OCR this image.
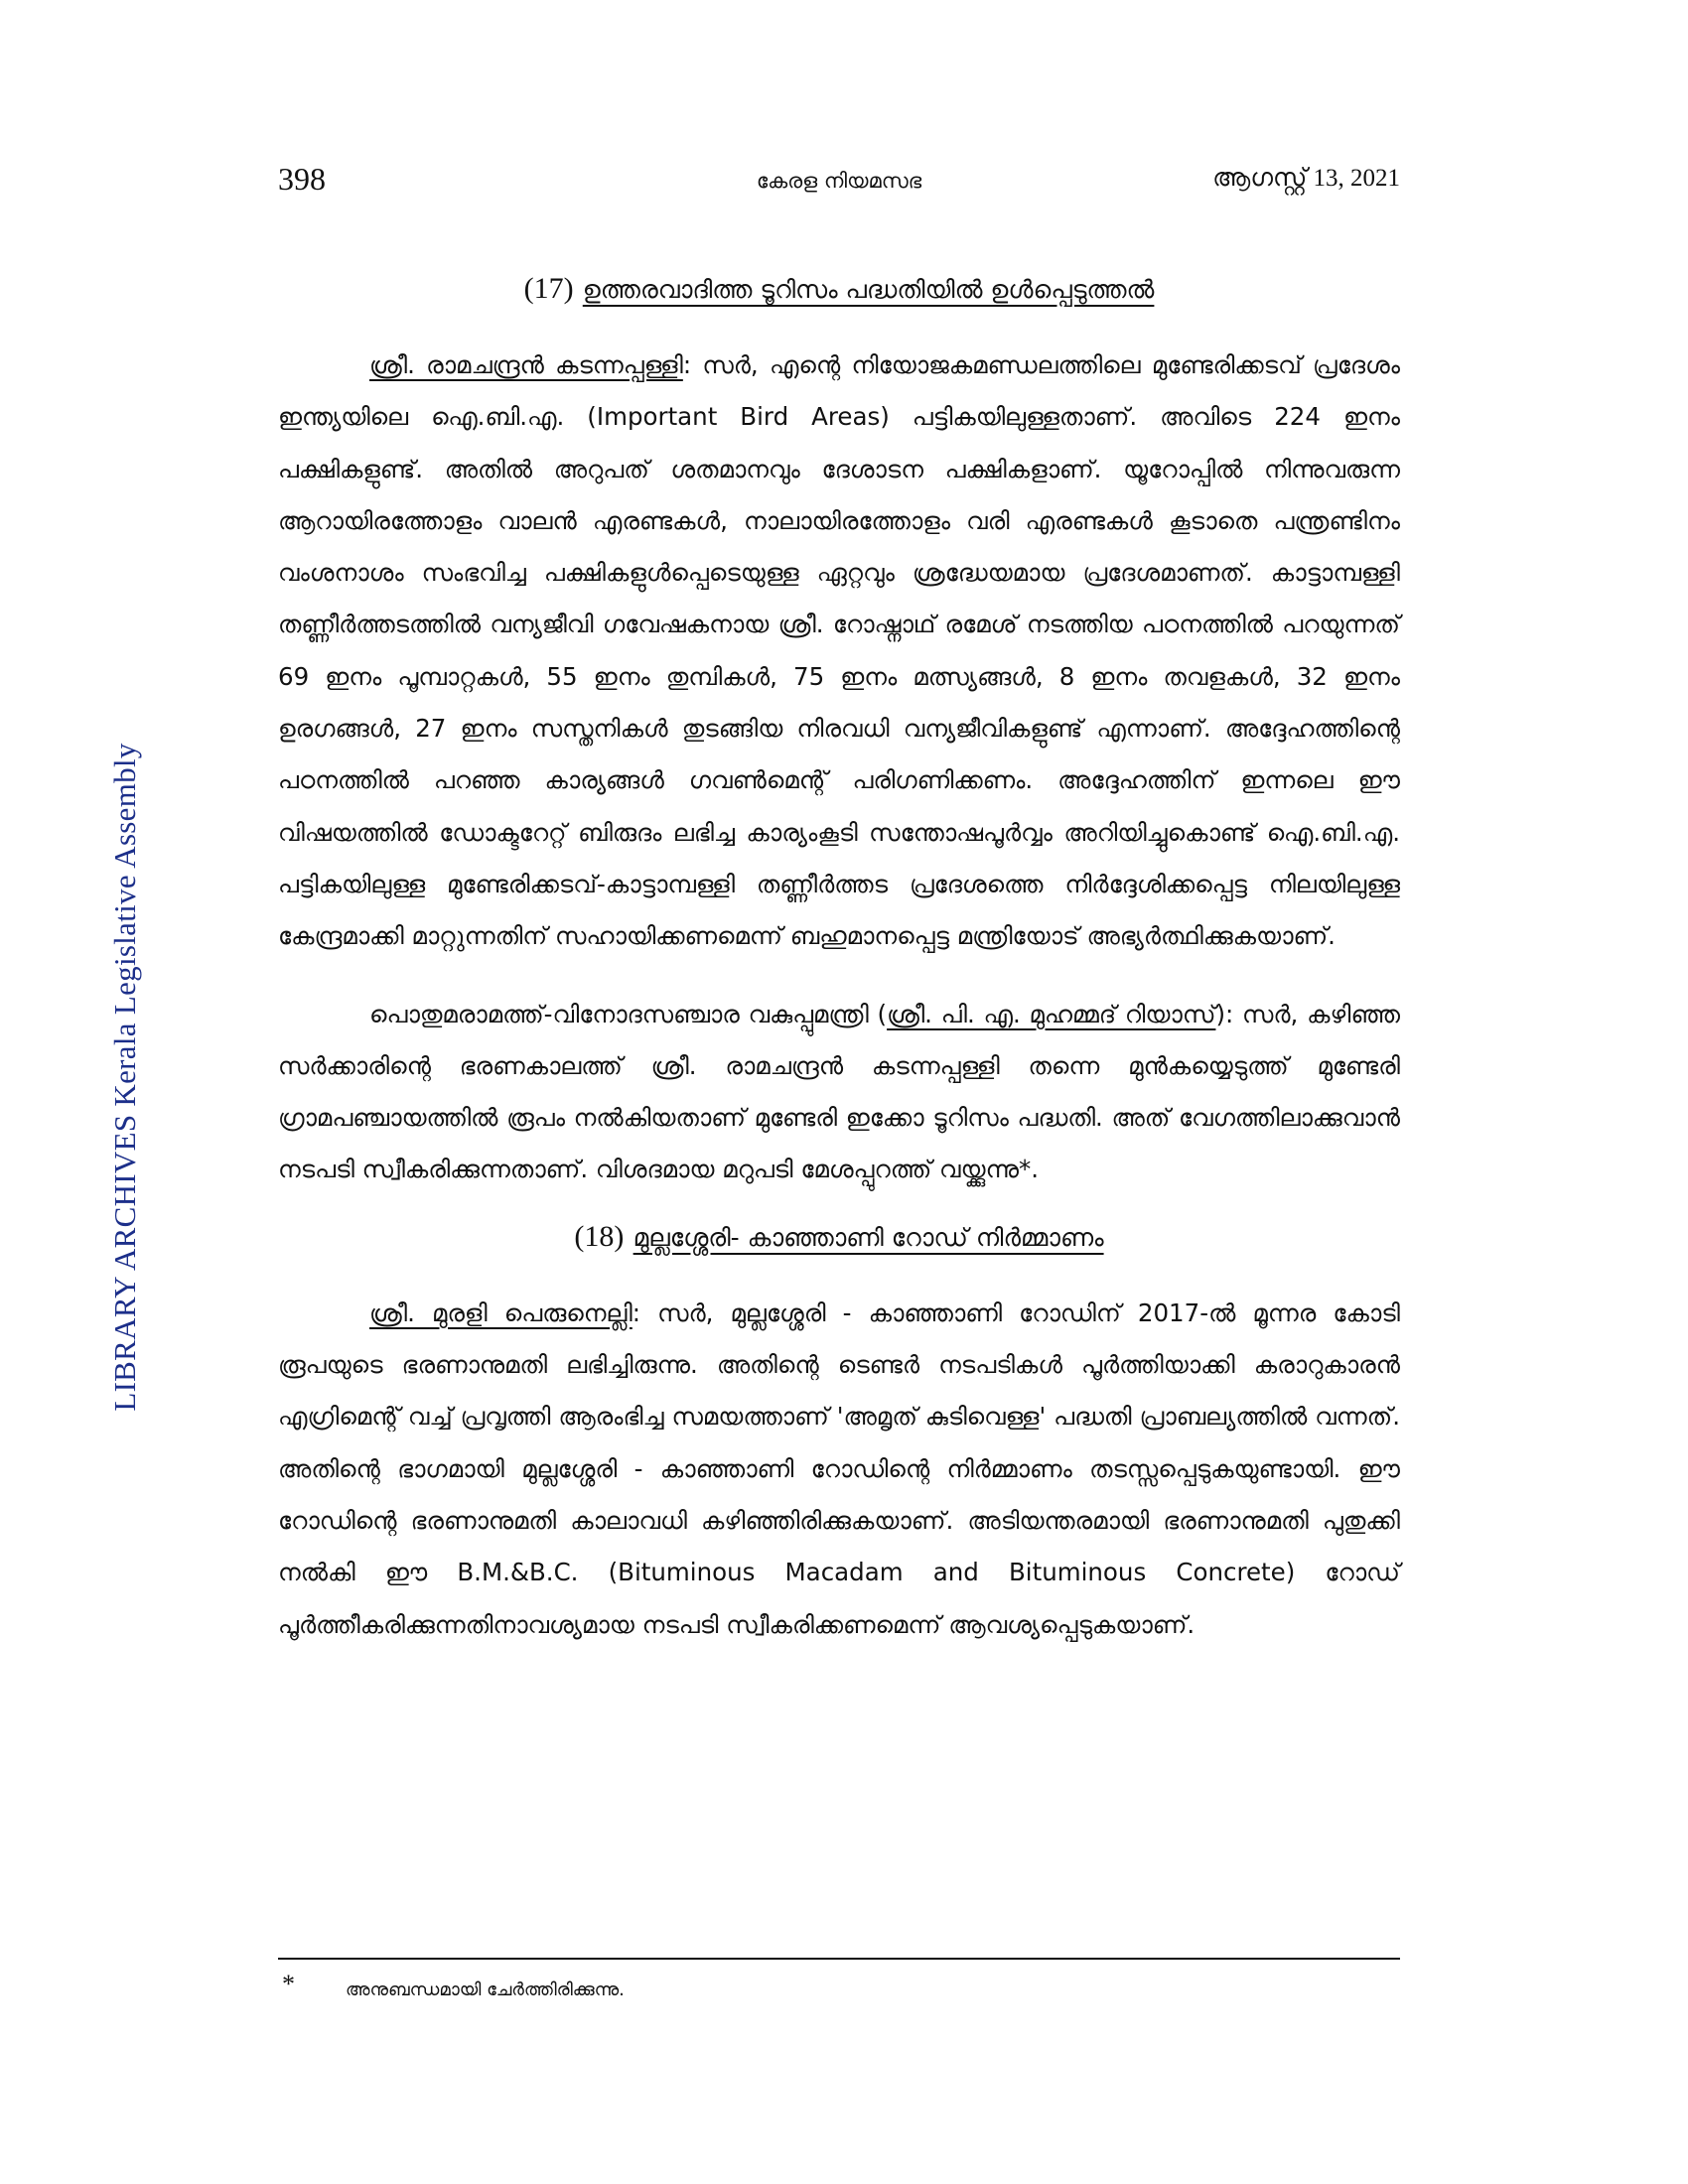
LIBRARY ARCHIVES Kerala Legislative Assembly
398	കേരള നിയമസഭ	ആഗസ്റ്റ് 13, 2021
(17) ഉത്തരവാദിത്ത ടൂറിസം പദ്ധതിയിൽ ഉൾപ്പെടുത്തൽ

ശ്രീ. രാമചന്ദ്രൻ കടന്നപ്പള്ളി: സർ, എന്റെ നിയോജകമണ്ഡലത്തിലെ മുണ്ടേരിക്കടവ് പ്രദേശം ഇന്ത്യയിലെ ഐ.ബി.എ. (Important Bird Areas) പട്ടികയിലുള്ളതാണ്. അവിടെ 224 ഇനം പക്ഷികളുണ്ട്. അതിൽ അറുപത് ശതമാനവും ദേശാടന പക്ഷികളാണ്. യൂറോപ്പിൽ നിന്നുവരുന്ന ആറായിരത്തോളം വാലൻ എരണ്ടകൾ, നാലായിരത്തോളം വരി എരണ്ടകൾ കൂടാതെ പന്ത്രണ്ടിനം വംശനാശം സംഭവിച്ച പക്ഷികളുൾപ്പെടെയുള്ള ഏറ്റവും ശ്രദ്ധേയമായ പ്രദേശമാണത്. കാട്ടാമ്പള്ളി തണ്ണീർത്തടത്തിൽ വന്യജീവി ഗവേഷകനായ ശ്രീ. റോഷ്നാഥ് രമേശ് നടത്തിയ പഠനത്തിൽ പറയുന്നത് 69 ഇനം പൂമ്പാറ്റകൾ, 55 ഇനം തുമ്പികൾ, 75 ഇനം മത്സ്യങ്ങൾ, 8 ഇനം തവളകൾ, 32 ഇനം ഉരഗങ്ങൾ, 27 ഇനം സസ്തനികൾ തുടങ്ങിയ നിരവധി വന്യജീവികളുണ്ട് എന്നാണ്. അദ്ദേഹത്തിന്റെ പഠനത്തിൽ പറഞ്ഞ കാര്യങ്ങൾ ഗവൺമെന്റ് പരിഗണിക്കണം. അദ്ദേഹത്തിന് ഇന്നലെ ഈ വിഷയത്തിൽ ഡോക്ടറേറ്റ് ബിരുദം ലഭിച്ച കാര്യംകൂടി സന്തോഷപൂർവ്വം അറിയിച്ചുകൊണ്ട് ഐ.ബി.എ. പട്ടികയിലുള്ള മുണ്ടേരിക്കടവ്-കാട്ടാമ്പള്ളി തണ്ണീർത്തട പ്രദേശത്തെ നിർദ്ദേശിക്കപ്പെട്ട നിലയിലുള്ള കേന്ദ്രമാക്കി മാറ്റുന്നതിന് സഹായിക്കണമെന്ന് ബഹുമാനപ്പെട്ട മന്ത്രിയോട് അഭ്യർത്ഥിക്കുകയാണ്.

പൊതുമരാമത്ത്-വിനോദസഞ്ചാര വകുപ്പുമന്ത്രി (ശ്രീ. പി. എ. മുഹമ്മദ് റിയാസ്): സർ, കഴിഞ്ഞ സർക്കാരിന്റെ ഭരണകാലത്ത് ശ്രീ. രാമചന്ദ്രൻ കടന്നപ്പള്ളി തന്നെ മുൻകയ്യെടുത്ത് മുണ്ടേരി ഗ്രാമപഞ്ചായത്തിൽ രൂപം നൽകിയതാണ് മുണ്ടേരി ഇക്കോ ടൂറിസം പദ്ധതി. അത് വേഗത്തിലാക്കുവാൻ നടപടി സ്വീകരിക്കുന്നതാണ്. വിശദമായ മറുപടി മേശപ്പുറത്ത് വയ്ക്കുന്നു*.

(18) മുല്ലശ്ശേരി- കാഞ്ഞാണി റോഡ് നിർമ്മാണം

ശ്രീ. മുരളി പെരുനെല്ലി: സർ, മുല്ലശ്ശേരി - കാഞ്ഞാണി റോഡിന് 2017-ൽ മൂന്നര കോടി രൂപയുടെ ഭരണാനുമതി ലഭിച്ചിരുന്നു. അതിന്റെ ടെണ്ടർ നടപടികൾ പൂർത്തിയാക്കി കരാറുകാരൻ എഗ്രിമെന്റ് വച്ച് പ്രവൃത്തി ആരംഭിച്ച സമയത്താണ് 'അമൃത് കുടിവെള്ള' പദ്ധതി പ്രാബല്യത്തിൽ വന്നത്. അതിന്റെ ഭാഗമായി മുല്ലശ്ശേരി - കാഞ്ഞാണി റോഡിന്റെ നിർമ്മാണം തടസ്സപ്പെടുകയുണ്ടായി. ഈ റോഡിന്റെ ഭരണാനുമതി കാലാവധി കഴിഞ്ഞിരിക്കുകയാണ്. അടിയന്തരമായി ഭരണാനുമതി പുതുക്കി നൽകി ഈ B.M.&B.C. (Bituminous Macadam and Bituminous Concrete) റോഡ് പൂർത്തീകരിക്കുന്നതിനാവശ്യമായ നടപടി സ്വീകരിക്കണമെന്ന് ആവശ്യപ്പെടുകയാണ്.

*	അനുബന്ധമായി ചേർത്തിരിക്കുന്നു.
